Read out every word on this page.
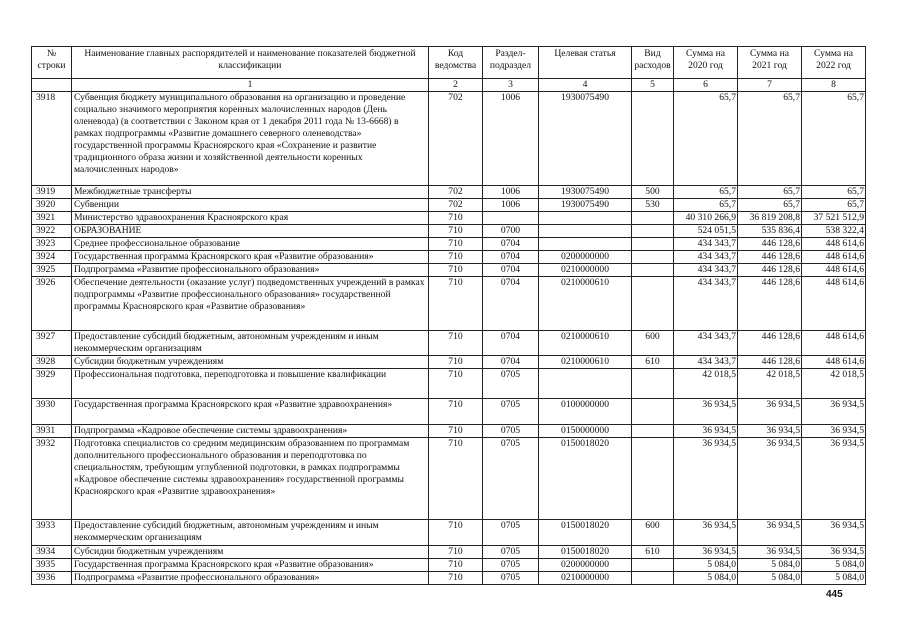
№ строки	Наименование главных распорядителей и наименование показателей бюджетной классификации	Код ведомства	Раздел-подраздел	Целевая статья	Вид расходов	Сумма на 2020 год	Сумма на 2021 год	Сумма на 2022 год
	1	2	3	4	5	6	7	8
3918	Субвенция бюджету муниципального образования на организацию и проведение социально значимого мероприятия коренных малочисленных народов (День оленевода) (в соответствии с Законом края от 1 декабря 2011 года № 13-6668) в рамках подпрограммы «Развитие домашнего северного оленеводства» государственной программы Красноярского края «Сохранение и развитие традиционного образа жизни и хозяйственной деятельности коренных малочисленных народов»	702	1006	1930075490		65,7	65,7	65,7
3919	Межбюджетные трансферты	702	1006	1930075490	500	65,7	65,7	65,7
3920	Субвенции	702	1006	1930075490	530	65,7	65,7	65,7
3921	Министерство здравоохранения Красноярского края	710				40 310 266,9	36 819 208,8	37 521 512,9
3922	ОБРАЗОВАНИЕ	710	0700			524 051,5	535 836,4	538 322,4
3923	Среднее профессиональное образование	710	0704			434 343,7	446 128,6	448 614,6
3924	Государственная программа Красноярского края «Развитие образования»	710	0704	0200000000		434 343,7	446 128,6	448 614,6
3925	Подпрограмма «Развитие профессионального образования»	710	0704	0210000000		434 343,7	446 128,6	448 614,6
3926	Обеспечение деятельности (оказание услуг) подведомственных учреждений в рамках подпрограммы «Развитие профессионального образования» государственной программы Красноярского края «Развитие образования»	710	0704	0210000610		434 343,7	446 128,6	448 614,6
3927	Предоставление субсидий бюджетным, автономным учреждениям и иным некоммерческим организациям	710	0704	0210000610	600	434 343,7	446 128,6	448 614,6
3928	Субсидии бюджетным учреждениям	710	0704	0210000610	610	434 343,7	446 128,6	448 614,6
3929	Профессиональная подготовка, переподготовка и повышение квалификации	710	0705			42 018,5	42 018,5	42 018,5
3930	Государственная программа Красноярского края «Развитие здравоохранения»	710	0705	0100000000		36 934,5	36 934,5	36 934,5
3931	Подпрограмма «Кадровое обеспечение системы здравоохранения»	710	0705	0150000000		36 934,5	36 934,5	36 934,5
3932	Подготовка специалистов со средним медицинским образованием по программам дополнительного профессионального образования и переподготовка по специальностям, требующим углубленной подготовки, в рамках подпрограммы «Кадровое обеспечение системы здравоохранения» государственной программы Красноярского края «Развитие здравоохранения»	710	0705	0150018020		36 934,5	36 934,5	36 934,5
3933	Предоставление субсидий бюджетным, автономным учреждениям и иным некоммерческим организациям	710	0705	0150018020	600	36 934,5	36 934,5	36 934,5
3934	Субсидии бюджетным учреждениям	710	0705	0150018020	610	36 934,5	36 934,5	36 934,5
3935	Государственная программа Красноярского края «Развитие образования»	710	0705	0200000000		5 084,0	5 084,0	5 084,0
3936	Подпрограмма «Развитие профессионального образования»	710	0705	0210000000		5 084,0	5 084,0	5 084,0
445
